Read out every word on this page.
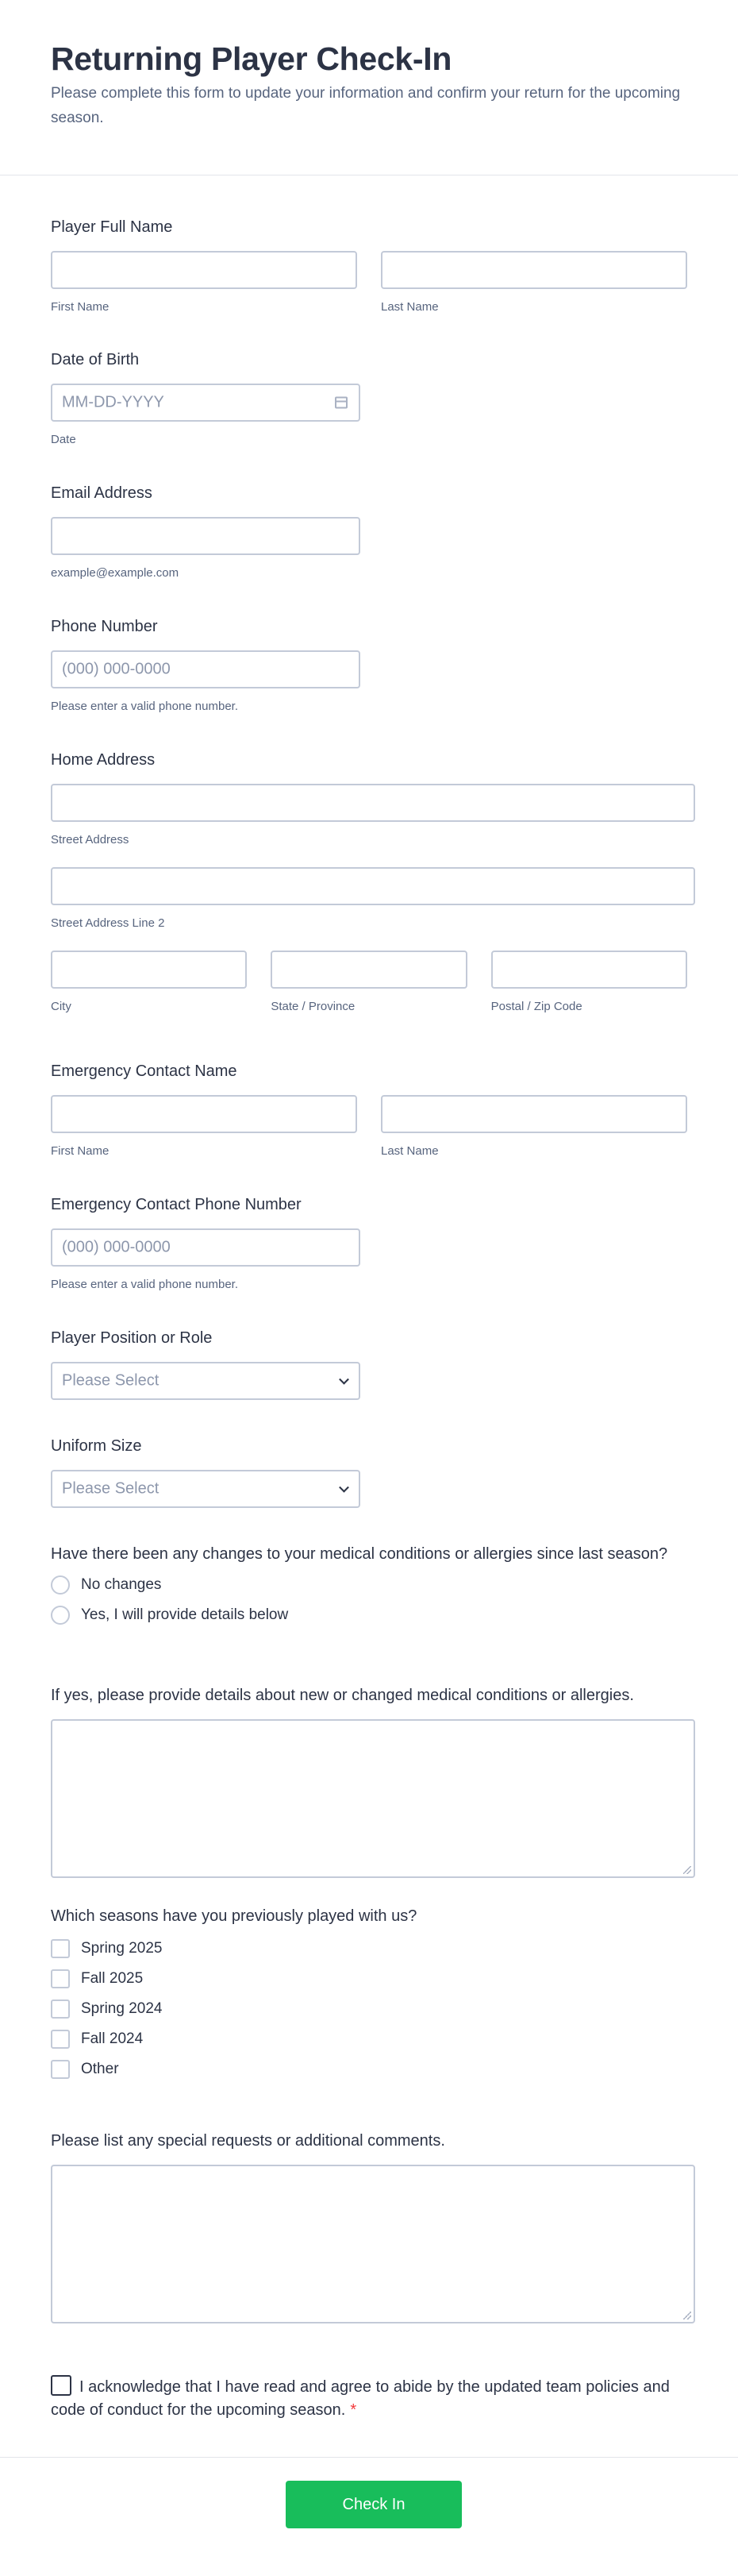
Returning Player Check-In
Please complete this form to update your information and confirm your return for the upcoming season.
Player Full Name
First Name	Last Name
Date of Birth
MM-DD-YYYY
Date
Email Address
example@example.com
Phone Number
(000) 000-0000
Please enter a valid phone number.
Home Address
Street Address
Street Address Line 2
City	State / Province	Postal / Zip Code
Emergency Contact Name
First Name	Last Name
Emergency Contact Phone Number
(000) 000-0000
Please enter a valid phone number.
Player Position or Role
Please Select
Uniform Size
Please Select
Have there been any changes to your medical conditions or allergies since last season?
No changes
Yes, I will provide details below
If yes, please provide details about new or changed medical conditions or allergies.
Which seasons have you previously played with us?
Spring 2025
Fall 2025
Spring 2024
Fall 2024
Other
Please list any special requests or additional comments.
I acknowledge that I have read and agree to abide by the updated team policies and code of conduct for the upcoming season. *
Check In
